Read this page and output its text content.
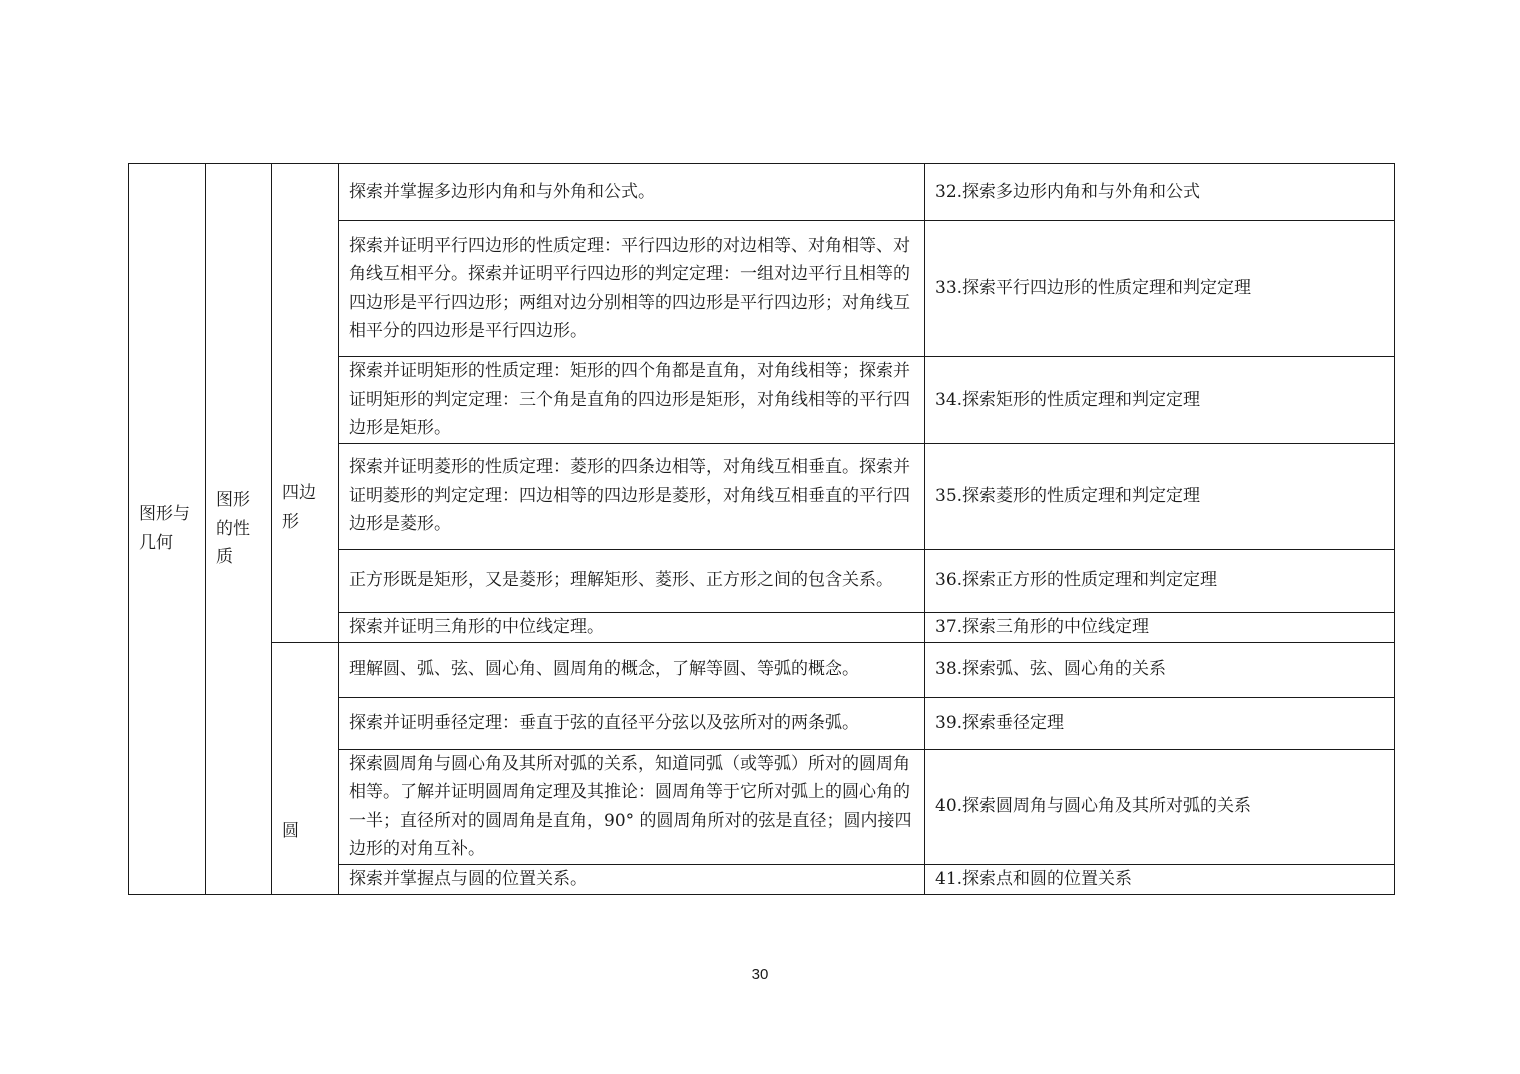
图形与几何	图形的性质	四边形	探索并掌握多边形内角和与外角和公式。	32.探索多边形内角和与外角和公式
			探索并证明平行四边形的性质定理：平行四边形的对边相等、对角相等、对角线互相平分。探索并证明平行四边形的判定定理：一组对边平行且相等的四边形是平行四边形；两组对边分别相等的四边形是平行四边形；对角线互相平分的四边形是平行四边形。	33.探索平行四边形的性质定理和判定定理
			探索并证明矩形的性质定理：矩形的四个角都是直角，对角线相等；探索并证明矩形的判定定理：三个角是直角的四边形是矩形，对角线相等的平行四边形是矩形。	34.探索矩形的性质定理和判定定理
			探索并证明菱形的性质定理：菱形的四条边相等，对角线互相垂直。探索并证明菱形的判定定理：四边相等的四边形是菱形，对角线互相垂直的平行四边形是菱形。	35.探索菱形的性质定理和判定定理
			正方形既是矩形，又是菱形；理解矩形、菱形、正方形之间的包含关系。	36.探索正方形的性质定理和判定定理
			探索并证明三角形的中位线定理。	37.探索三角形的中位线定理

		圆	理解圆、弧、弦、圆心角、圆周角的概念，了解等圆、等弧的概念。	38.探索弧、弦、圆心角的关系
			探索并证明垂径定理：垂直于弦的直径平分弦以及弦所对的两条弧。	39.探索垂径定理
			探索圆周角与圆心角及其所对弧的关系，知道同弧（或等弧）所对的圆周角相等。了解并证明圆周角定理及其推论：圆周角等于它所对弧上的圆心角的一半；直径所对的圆周角是直角，90° 的圆周角所对的弦是直径；圆内接四边形的对角互补。	40.探索圆周角与圆心角及其所对弧的关系
			探索并掌握点与圆的位置关系。	41.探索点和圆的位置关系
30
